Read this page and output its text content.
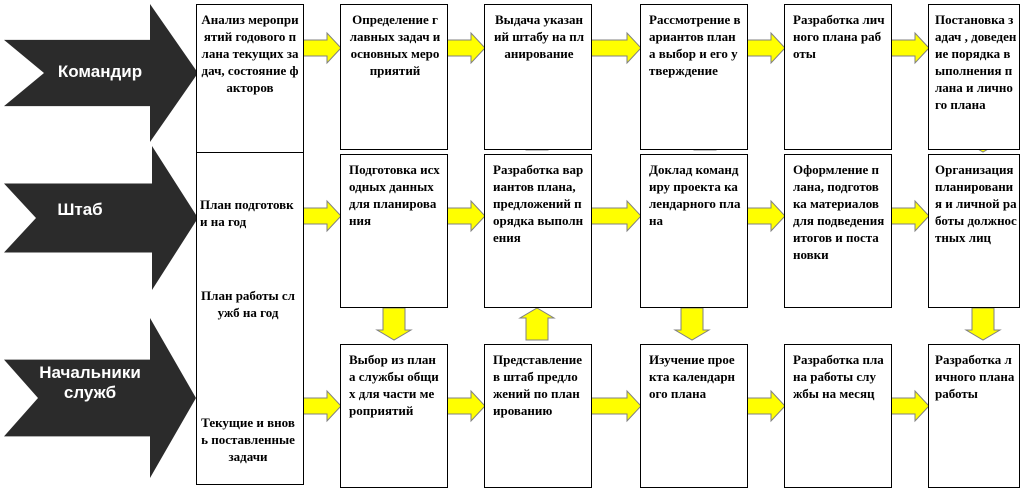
Командир
Штаб
Начальники служб
Анализ мероприятий годового плана текущих задач, состояние факторов
План подготовки на год
План работы служб на год
Текущие и вновь поставленные задачи
Определение главных задач и основных мероприятий
Выдача указаний штабу на планирование
Рассмотрение вариантов плана выбор и его утверждение
Разработка личного плана работы
Постановка задач , доведение порядка выполнения плана и личного плана
Подготовка исходных данных для планирования
Разработка вариантов плана, предложений порядка выполнения
Доклад командиру проекта календарного плана
Оформление плана, подготовка материалов для подведения итогов и постановки
Организация планирования и личной работы должностных лиц
Выбор из плана службы общих для части мероприятий
Представление в штаб предложений по планированию
Изучение проекта календарного плана
Разработка плана работы службы на месяц
Разработка личного плана работы
